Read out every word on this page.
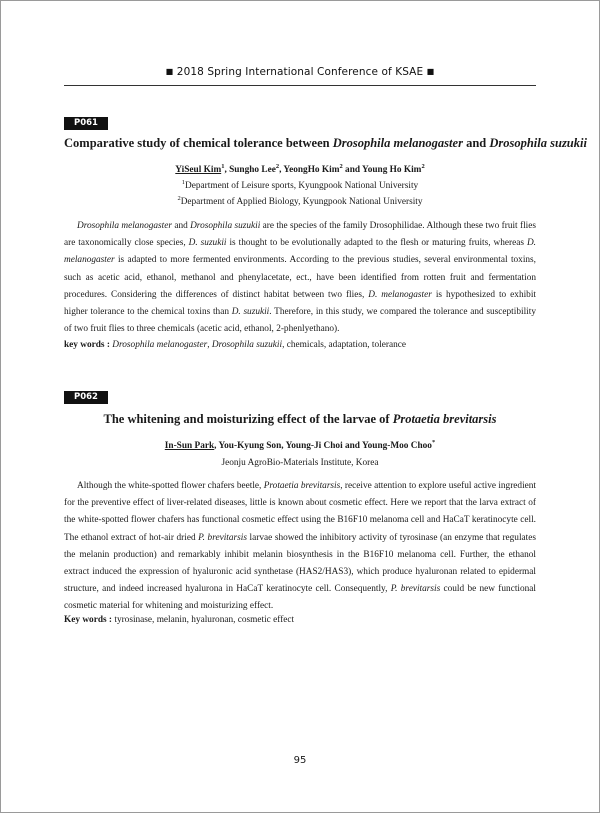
■ 2018 Spring International Conference of KSAE ■
P061
Comparative study of chemical tolerance between Drosophila melanogaster and Drosophila suzukii
YiSeul Kim$^1$, Sungho Lee$^2$, YeongHo Kim$^2$ and Young Ho Kim$^2$
$^1$Department of Leisure sports, Kyungpook National University
$^2$Department of Applied Biology, Kyungpook National University

Drosophila melanogaster and Drosophila suzukii are the species of the family Drosophilidae. Although these two fruit flies are taxonomically close species, D. suzukii is thought to be evolutionally adapted to the flesh or maturing fruits, whereas D. melanogaster is adapted to more fermented environments. According to the previous studies, several environmental toxins, such as acetic acid, ethanol, methanol and phenylacetate, ect., have been identified from rotten fruit and fermentation procedures. Considering the differences of distinct habitat between two flies, D. melanogaster is hypothesized to exhibit higher tolerance to the chemical toxins than D. suzukii. Therefore, in this study, we compared the tolerance and susceptibility of two fruit flies to three chemicals (acetic acid, ethanol, 2-phenlyethano).

key words : Drosophila melanogaster, Drosophila suzukii, chemicals, adaptation, tolerance
P062
The whitening and moisturizing effect of the larvae of Protaetia brevitarsis
In-Sun Park, You-Kyung Son, Young-Ji Choi and Young-Moo Choo*
Jeonju AgroBio-Materials Institute, Korea

Although the white-spotted flower chafers beetle, Protaetia brevitarsis, receive attention to explore useful active ingredient for the preventive effect of liver-related diseases, little is known about cosmetic effect. Here we report that the larva extract of the white-spotted flower chafers has functional cosmetic effect using the B16F10 melanoma cell and HaCaT keratinocyte cell. The ethanol extract of hot-air dried P. brevitarsis larvae showed the inhibitory activity of tyrosinase (an enzyme that regulates the melanin production) and remarkably inhibit melanin biosynthesis in the B16F10 melanoma cell. Further, the ethanol extract induced the expression of hyaluronic acid synthetase (HAS2/HAS3), which produce hyaluronan related to epidermal structure, and indeed increased hyalurona in HaCaT keratinocyte cell. Consequently, P. brevitarsis could be new functional cosmetic material for whitening and moisturizing effect.

Key words : tyrosinase, melanin, hyaluronan, cosmetic effect
95
